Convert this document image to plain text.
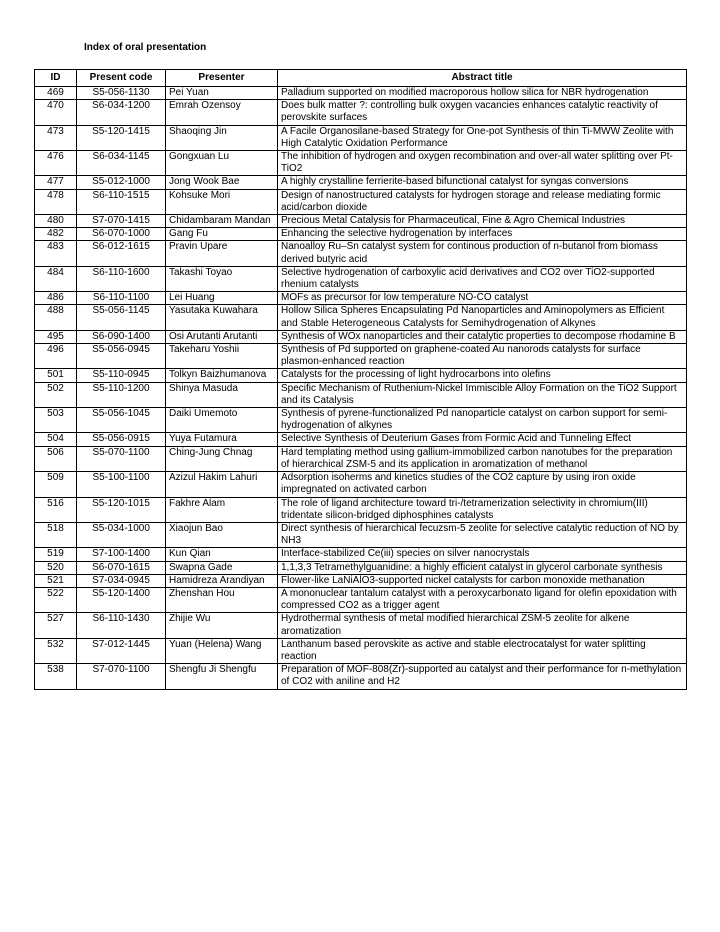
Index of oral presentation
ID	Present code	Presenter	Abstract title
469	S5-056-1130	Pei Yuan	Palladium supported on modified macroporous hollow silica for NBR hydrogenation
470	S6-034-1200	Emrah Ozensoy	Does bulk matter ?: controlling bulk oxygen vacancies enhances catalytic reactivity of perovskite surfaces
473	S5-120-1415	Shaoqing Jin	A Facile Organosilane-based Strategy for One-pot Synthesis of thin Ti-MWW Zeolite with High Catalytic Oxidation Performance
476	S6-034-1145	Gongxuan Lu	The inhibition of hydrogen and oxygen recombination and over-all water splitting over Pt-TiO2
477	S5-012-1000	Jong Wook Bae	A highly crystalline ferrierite-based bifunctional catalyst for syngas conversions
478	S6-110-1515	Kohsuke Mori	Design of nanostructured catalysts for hydrogen storage and release mediating formic acid/carbon dioxide
480	S7-070-1415	Chidambaram Mandan	Precious Metal Catalysis for Pharmaceutical, Fine & Agro Chemical Industries
482	S6-070-1000	Gang Fu	Enhancing the selective hydrogenation by interfaces
483	S6-012-1615	Pravin Upare	Nanoalloy Ru–Sn catalyst system for continous production of n-butanol from biomass derived butyric acid
484	S6-110-1600	Takashi Toyao	Selective hydrogenation of carboxylic acid derivatives and CO2 over TiO2-supported rhenium catalysts
486	S6-110-1100	Lei Huang	MOFs as precursor for low temperature NO-CO catalyst
488	S5-056-1145	Yasutaka Kuwahara	Hollow Silica Spheres Encapsulating Pd Nanoparticles and Aminopolymers as Efficient and Stable Heterogeneous Catalysts for Semihydrogenation of Alkynes
495	S6-090-1400	Osi Arutanti Arutanti	Synthesis of WOx nanoparticles and their catalytic properties to decompose rhodamine B
496	S5-056-0945	Takeharu Yoshii	Synthesis of Pd supported on graphene-coated Au nanorods catalysts for surface plasmon-enhanced reaction
501	S5-110-0945	Tolkyn Baizhumanova	Catalysts for the processing of light hydrocarbons into olefins
502	S5-110-1200	Shinya Masuda	Specific Mechanism of Ruthenium-Nickel Immiscible Alloy Formation on the TiO2 Support and its Catalysis
503	S5-056-1045	Daiki Umemoto	Synthesis of pyrene-functionalized Pd nanoparticle catalyst on carbon support for semi-hydrogenation of alkynes
504	S5-056-0915	Yuya Futamura	Selective Synthesis of Deuterium Gases from Formic Acid and Tunneling Effect
506	S5-070-1100	Ching-Jung Chnag	Hard templating method using gallium-immobilized carbon nanotubes for the preparation of hierarchical ZSM-5 and its application in aromatization of methanol
509	S5-100-1100	Azizul Hakim Lahuri	Adsorption isoherms and kinetics studies of the CO2 capture by using iron oxide impregnated on activated carbon
516	S5-120-1015	Fakhre Alam	The role of ligand architecture toward tri-/tetramerization selectivity in chromium(III) tridentate silicon-bridged diphosphines catalysts
518	S5-034-1000	Xiaojun Bao	Direct synthesis of hierarchical fecuzsm-5 zeolite for selective catalytic reduction of NO by NH3
519	S7-100-1400	Kun Qian	Interface-stabilized Ce(iii) species on silver nanocrystals
520	S6-070-1615	Swapna Gade	1,1,3,3 Tetramethylguanidine: a highly efficient catalyst in glycerol carbonate synthesis
521	S7-034-0945	Hamidreza Arandiyan	Flower-like LaNiAlO3-supported nickel catalysts for carbon monoxide methanation
522	S5-120-1400	Zhenshan Hou	A mononuclear tantalum catalyst with a peroxycarbonato ligand for olefin epoxidation with compressed CO2 as a trigger agent
527	S6-110-1430	Zhijie Wu	Hydrothermal synthesis of metal modified hierarchical ZSM-5 zeolite for alkene aromatization
532	S7-012-1445	Yuan (Helena) Wang	Lanthanum based perovskite as active and stable electrocatalyst for water splitting reaction
538	S7-070-1100	Shengfu Ji Shengfu	Preparation of MOF-808(Zr)-supported au catalyst and their performance for n-methylation of CO2 with aniline and H2
